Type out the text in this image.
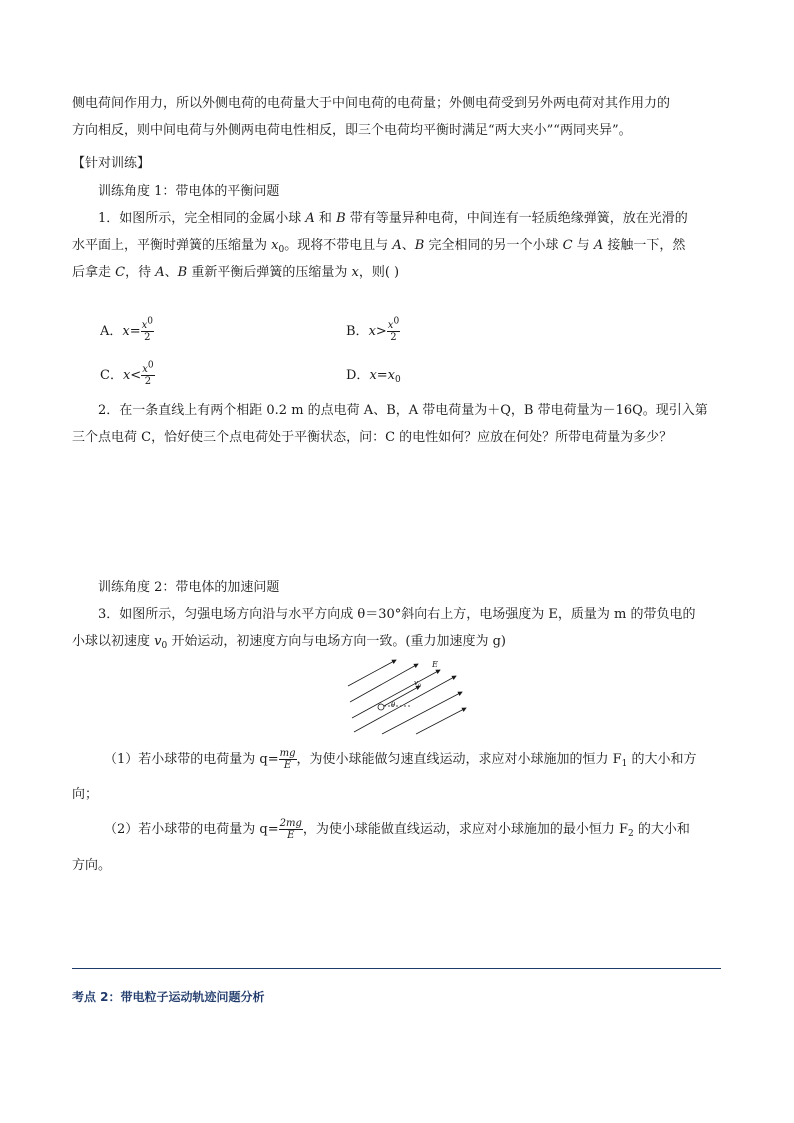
侧电荷间作用力，所以外侧电荷的电荷量大于中间电荷的电荷量；外侧电荷受到另外两电荷对其作用力的
方向相反，则中间电荷与外侧两电荷电性相反，即三个电荷均平衡时满足“两大夹小”“两同夹异”。
【针对训练】
训练角度 1：带电体的平衡问题
1．如图所示，完全相同的金属小球 A 和 B 带有等量异种电荷，中间连有一轻质绝缘弹簧，放在光滑的
水平面上，平衡时弹簧的压缩量为 $x_0$。现将不带电且与 A、B 完全相同的另一个小球 C 与 A 接触一下，然
后拿走 C，待 A、B 重新平衡后弹簧的压缩量为 x，则( )
A．$x= \frac{x^0}{2}$	B．$x> \frac{x^0}{2}$
C．$x< \frac{x^0}{2}$	D．$x=x_0$
2．在一条直线上有两个相距 0.2 m 的点电荷 A、B，A 带电荷量为＋Q，B 带电荷量为－16Q。现引入第
三个点电荷 C，恰好使三个点电荷处于平衡状态，问：C 的电性如何？应放在何处？所带电荷量为多少？
训练角度 2：带电体的加速问题
3．如图所示，匀强电场方向沿与水平方向成 θ＝30°斜向右上方，电场强度为 E，质量为 m 的带负电的
小球以初速度 $v_0$ 开始运动，初速度方向与电场方向一致。(重力加速度为 g)
E
$v_0$
θ
（1）若小球带的电荷量为 $q= \frac{mg}{E}$ ，为使小球能做匀速直线运动，求应对小球施加的恒力 $F_1$ 的大小和方
向；
（2）若小球带的电荷量为 $q= \frac{2mg}{E}$ ，为使小球能做直线运动，求应对小球施加的最小恒力 $F_2$ 的大小和
方向。
考点 2：带电粒子运动轨迹问题分析
